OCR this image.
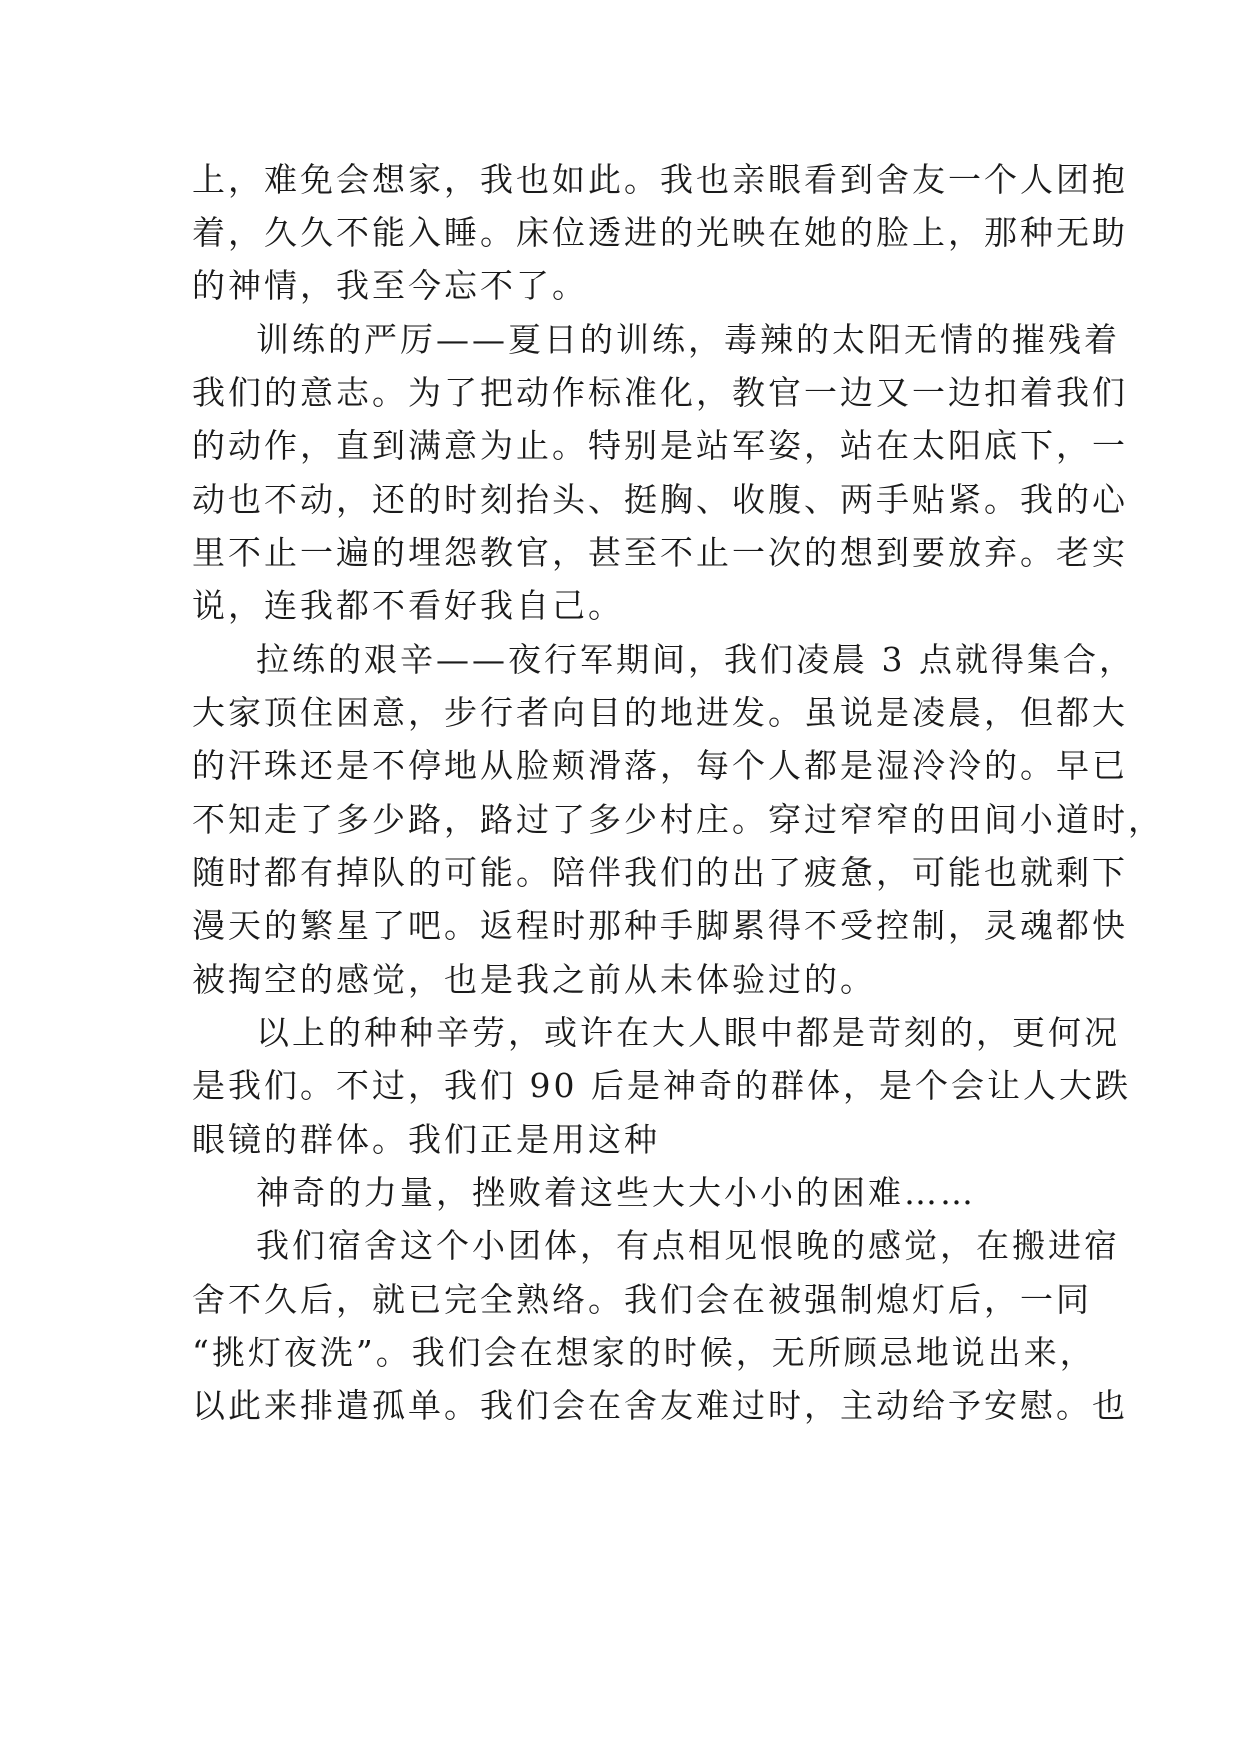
上，难免会想家，我也如此。我也亲眼看到舍友一个人团抱
着，久久不能入睡。床位透进的光映在她的脸上，那种无助
的神情，我至今忘不了。
训练的严厉——夏日的训练，毒辣的太阳无情的摧残着
我们的意志。为了把动作标准化，教官一边又一边扣着我们
的动作，直到满意为止。特别是站军姿，站在太阳底下，一
动也不动，还的时刻抬头、挺胸、收腹、两手贴紧。我的心
里不止一遍的埋怨教官，甚至不止一次的想到要放弃。老实
说，连我都不看好我自己。
拉练的艰辛——夜行军期间，我们凌晨 3 点就得集合，
大家顶住困意，步行者向目的地进发。虽说是凌晨，但都大
的汗珠还是不停地从脸颊滑落，每个人都是湿泠泠的。早已
不知走了多少路，路过了多少村庄。穿过窄窄的田间小道时，
随时都有掉队的可能。陪伴我们的出了疲惫，可能也就剩下
漫天的繁星了吧。返程时那种手脚累得不受控制，灵魂都快
被掏空的感觉，也是我之前从未体验过的。
以上的种种辛劳，或许在大人眼中都是苛刻的，更何况
是我们。不过，我们 90 后是神奇的群体，是个会让人大跌
眼镜的群体。我们正是用这种
神奇的力量，挫败着这些大大小小的困难……
我们宿舍这个小团体，有点相见恨晚的感觉，在搬进宿
舍不久后，就已完全熟络。我们会在被强制熄灯后，一同
“挑灯夜洗”。我们会在想家的时候，无所顾忌地说出来，
以此来排遣孤单。我们会在舍友难过时，主动给予安慰。也
